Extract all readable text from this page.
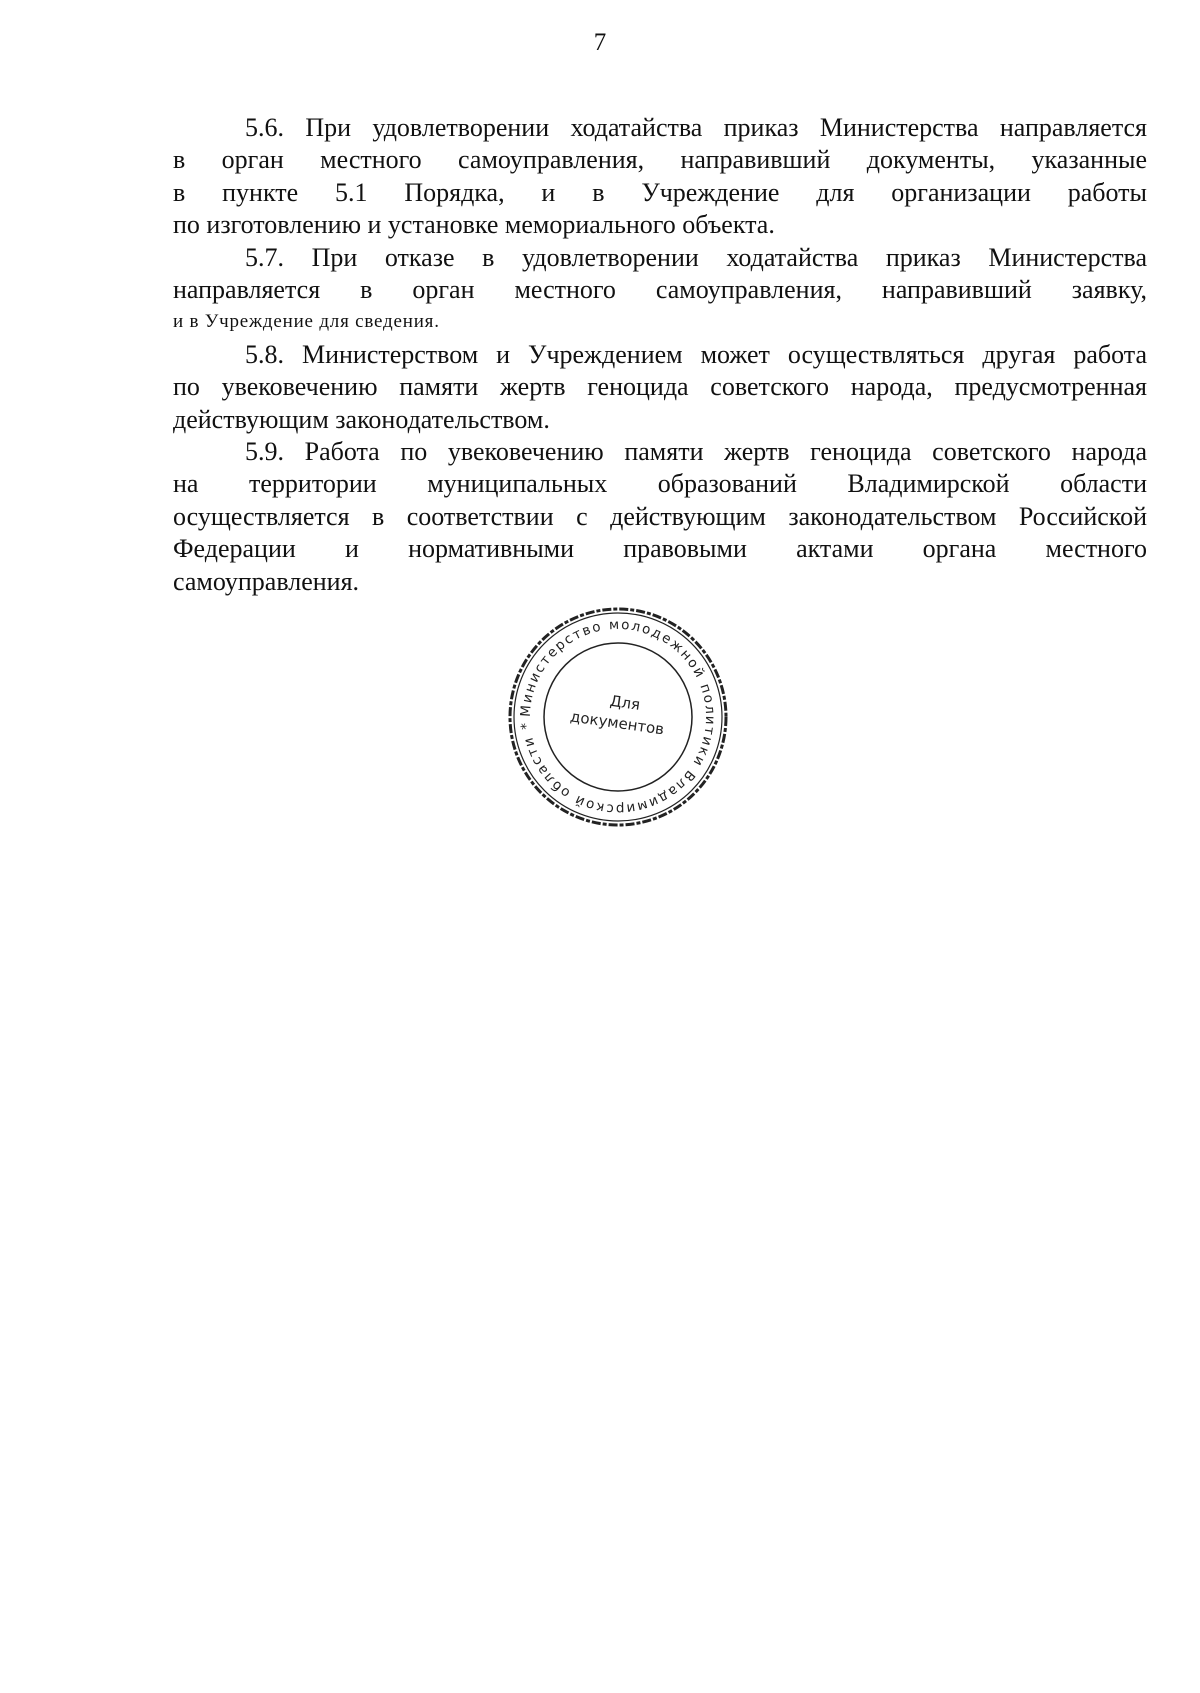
7

5.6. При удовлетворении ходатайства приказ Министерства направляется
в орган местного самоуправления, направивший документы, указанные
в пункте 5.1 Порядка, и в Учреждение для организации работы
по изготовлению и установке мемориального объекта.

5.7. При отказе в удовлетворении ходатайства приказ Министерства
направляется в орган местного самоуправления, направивший заявку,
и в Учреждение для сведения.

5.8. Министерством и Учреждением может осуществляться другая работа
по увековечению памяти жертв геноцида советского народа, предусмотренная
действующим законодательством.

5.9. Работа по увековечению памяти жертв геноцида советского народа
на территории муниципальных образований Владимирской области
осуществляется в соответствии с действующим законодательством Российской
Федерации и нормативными правовыми актами органа местного
самоуправления.

Министерство молодежной политики Владимирской области *
Для
документов
